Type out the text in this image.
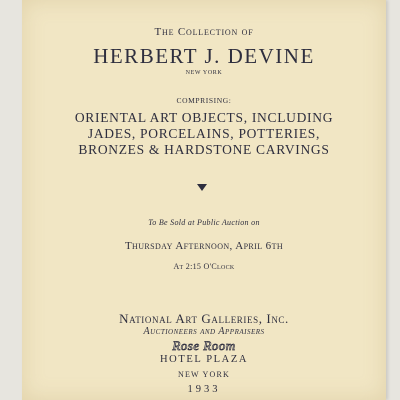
The Collection of
HERBERT J. DEVINE
NEW YORK
COMPRISING:
ORIENTAL ART OBJECTS, INCLUDING
JADES, PORCELAINS, POTTERIES,
BRONZES & HARDSTONE CARVINGS
To Be Sold at Public Auction on
Thursday Afternoon, April 6th
At 2:15 O'Clock
National Art Galleries, Inc.
Auctioneers and Appraisers
Rose Room
HOTEL PLAZA
NEW YORK
1933
